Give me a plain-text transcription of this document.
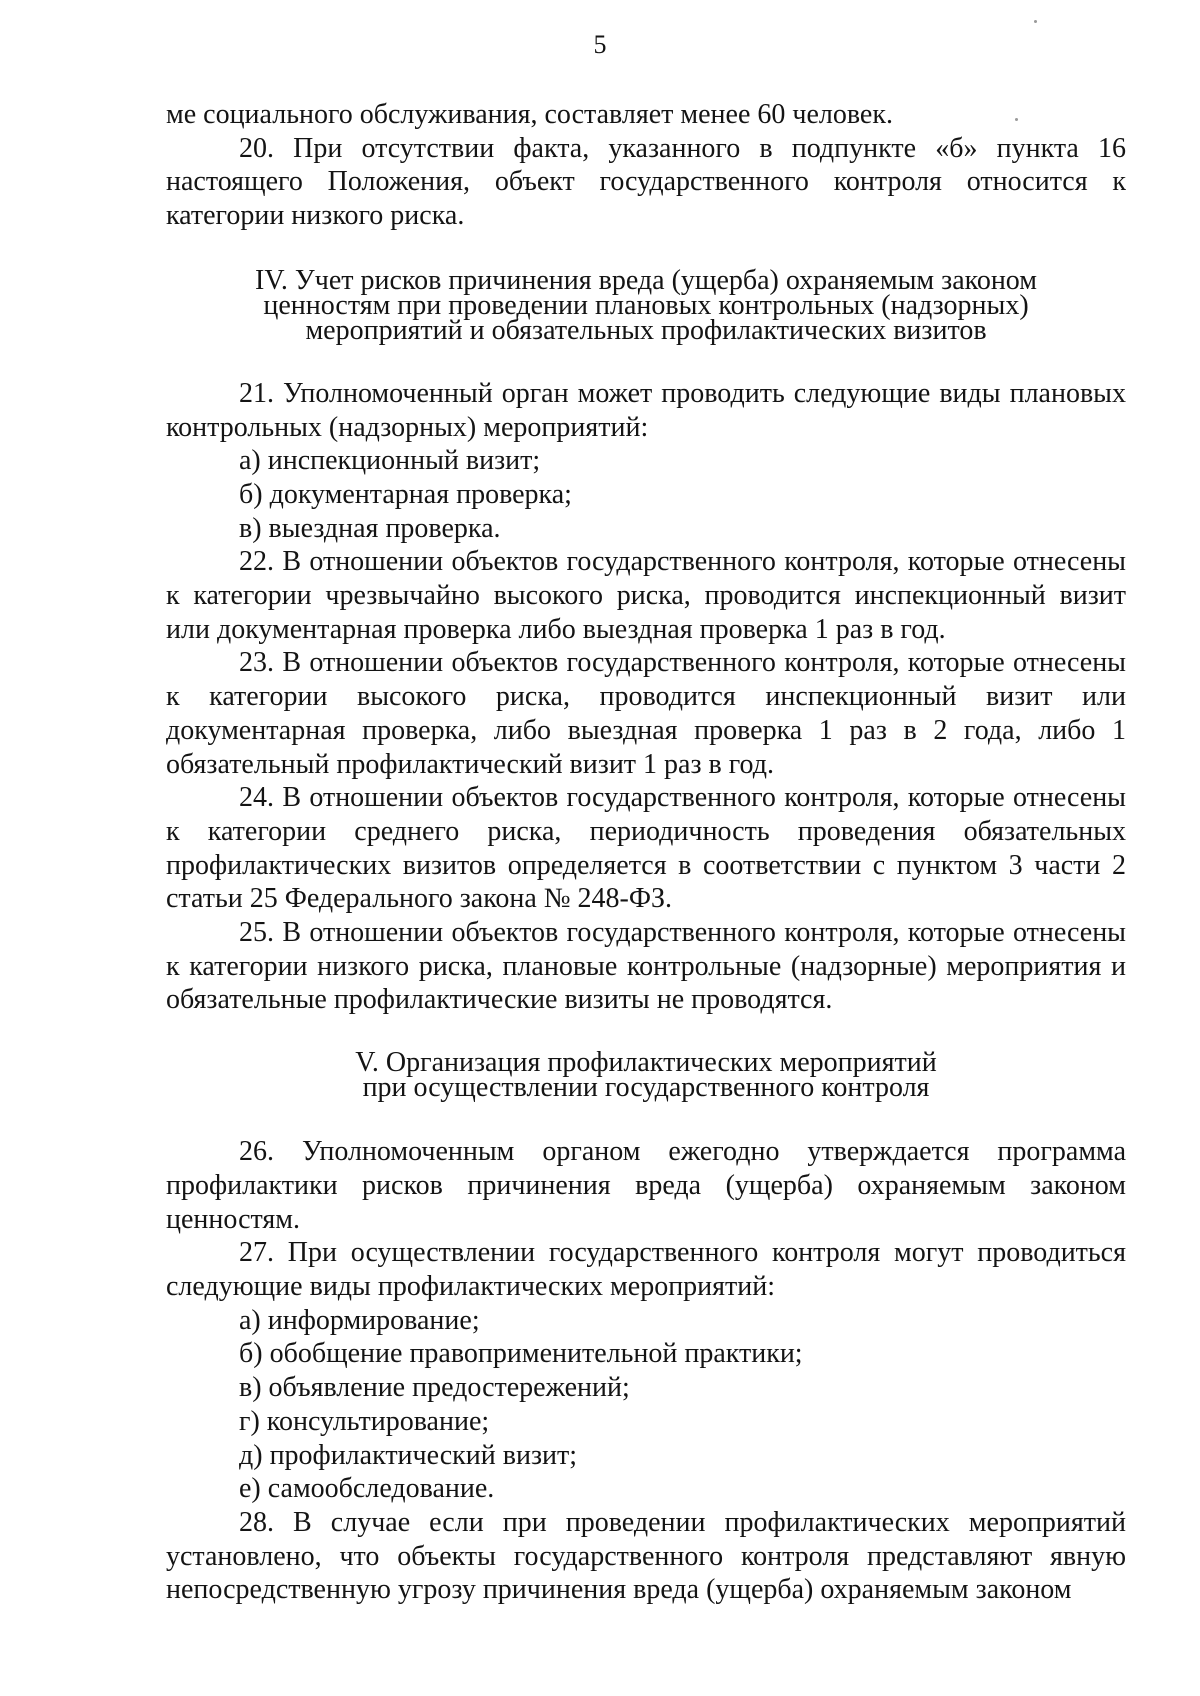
5

ме социального обслуживания, составляет менее 60 человек.

20. При отсутствии факта, указанного в подпункте «б» пункта 16 настоящего Положения, объект государственного контроля относится к категории низкого риска.

IV. Учет рисков причинения вреда (ущерба) охраняемым законом

ценностям при проведении плановых контрольных (надзорных)

мероприятий и обязательных профилактических визитов

21. Уполномоченный орган может проводить следующие виды плановых контрольных (надзорных) мероприятий:

а) инспекционный визит;

б) документарная проверка;

в) выездная проверка.

22. В отношении объектов государственного контроля, которые отнесены к категории чрезвычайно высокого риска, проводится инспекционный визит или документарная проверка либо выездная проверка 1 раз в год.

23. В отношении объектов государственного контроля, которые отнесены к категории высокого риска, проводится инспекционный визит или документарная проверка, либо выездная проверка 1 раз в 2 года, либо 1 обязательный профилактический визит 1 раз в год.

24. В отношении объектов государственного контроля, которые отнесены к категории среднего риска, периодичность проведения обязательных профилактических визитов определяется в соответствии с пунктом 3 части 2 статьи 25 Федерального закона № 248-ФЗ.

25. В отношении объектов государственного контроля, которые отнесены к категории низкого риска, плановые контрольные (надзорные) мероприятия и обязательные профилактические визиты не проводятся.

V. Организация профилактических мероприятий

при осуществлении государственного контроля

26. Уполномоченным органом ежегодно утверждается программа профилактики рисков причинения вреда (ущерба) охраняемым законом ценностям.

27. При осуществлении государственного контроля могут проводиться следующие виды профилактических мероприятий:

а) информирование;

б) обобщение правоприменительной практики;

в) объявление предостережений;

г) консультирование;

д) профилактический визит;

е) самообследование.

28. В случае если при проведении профилактических мероприятий установлено, что объекты государственного контроля представляют явную непосредственную угрозу причинения вреда (ущерба) охраняемым законом
